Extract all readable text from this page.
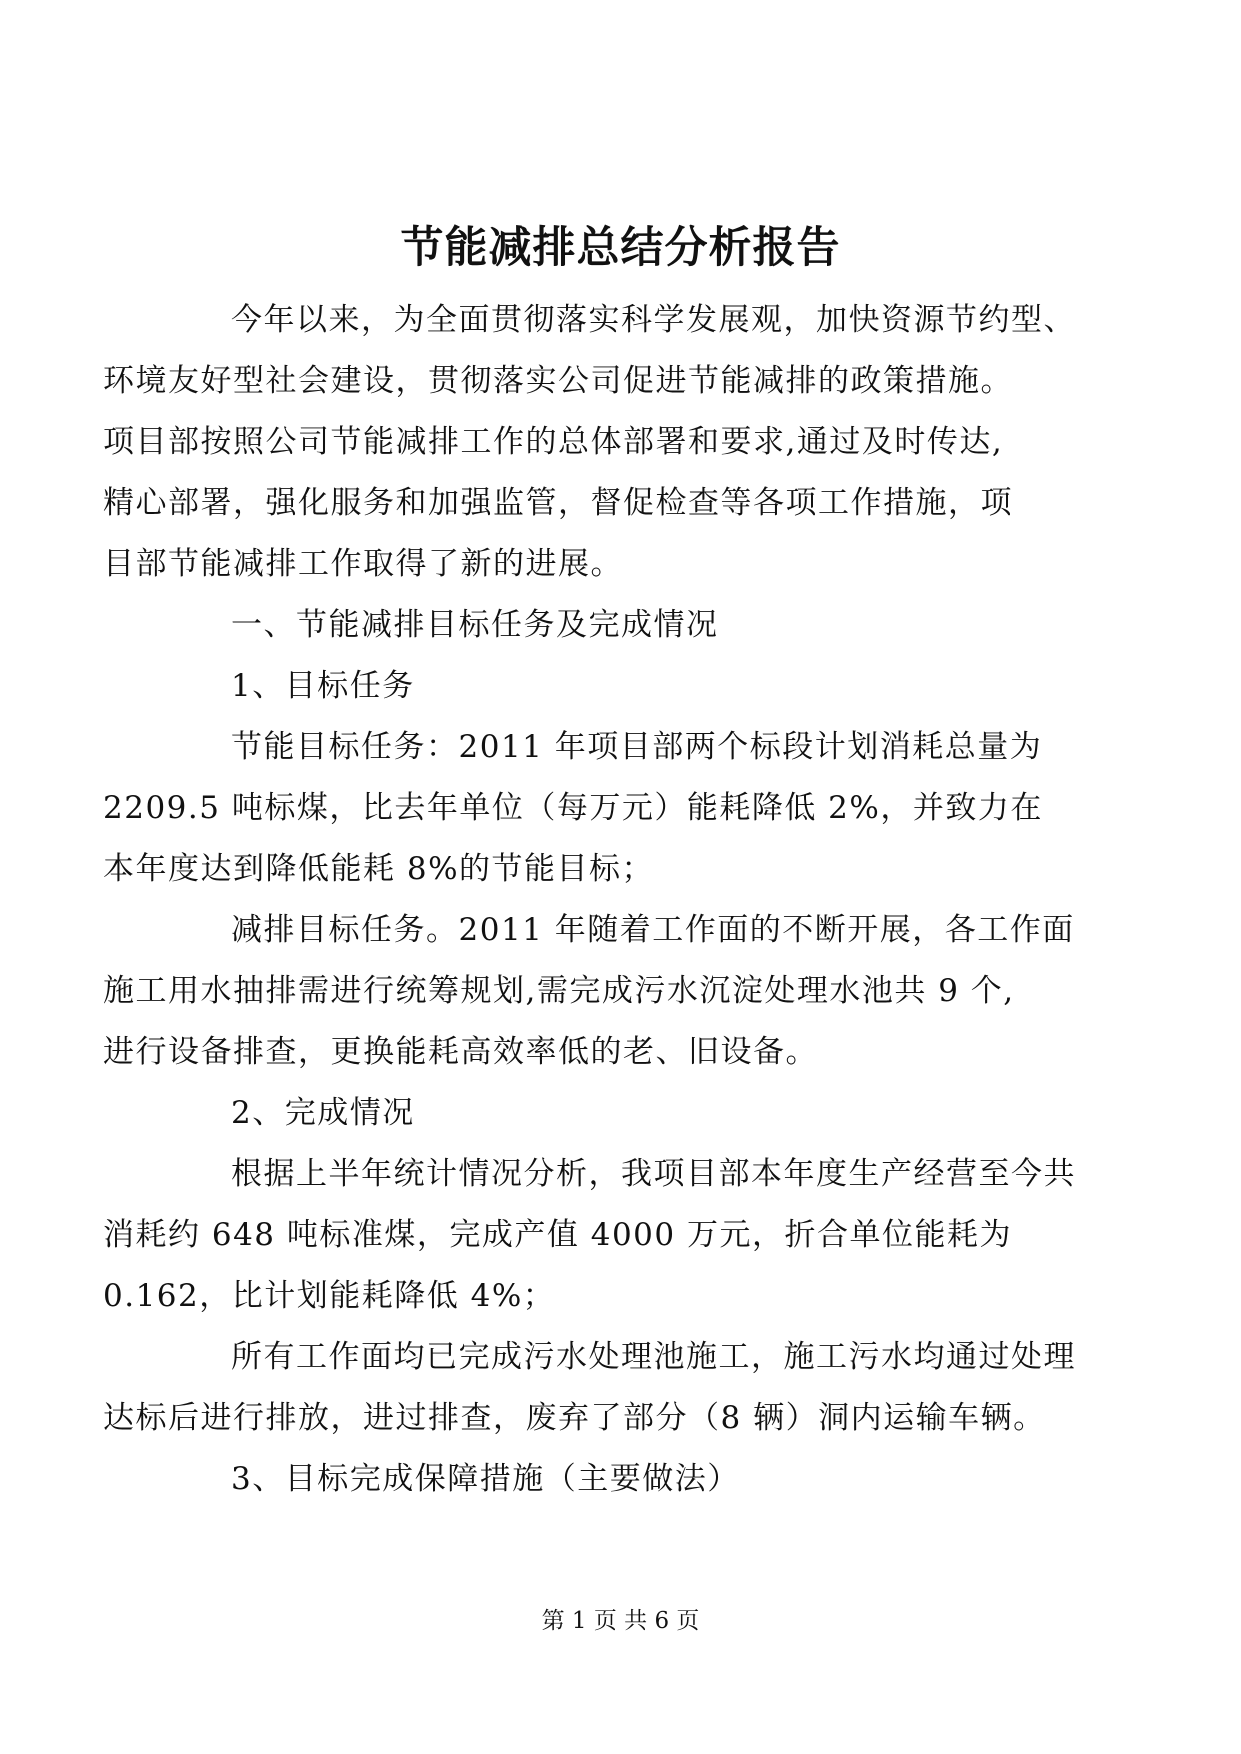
节能减排总结分析报告

今年以来，为全面贯彻落实科学发展观，加快资源节约型、
环境友好型社会建设，贯彻落实公司促进节能减排的政策措施。
项目部按照公司节能减排工作的总体部署和要求,通过及时传达,
精心部署，强化服务和加强监管，督促检查等各项工作措施，项
目部节能减排工作取得了新的进展。

一、节能减排目标任务及完成情况

1、目标任务

节能目标任务：2011 年项目部两个标段计划消耗总量为
2209.5 吨标煤，比去年单位（每万元）能耗降低 2%，并致力在
本年度达到降低能耗 8%的节能目标；

减排目标任务。2011 年随着工作面的不断开展，各工作面
施工用水抽排需进行统筹规划,需完成污水沉淀处理水池共 9 个,
进行设备排查，更换能耗高效率低的老、旧设备。

2、完成情况

根据上半年统计情况分析，我项目部本年度生产经营至今共
消耗约 648 吨标准煤，完成产值 4000 万元，折合单位能耗为
0.162，比计划能耗降低 4%；

所有工作面均已完成污水处理池施工，施工污水均通过处理
达标后进行排放，进过排查，废弃了部分（8 辆）洞内运输车辆。

3、目标完成保障措施（主要做法）

第 1 页 共 6 页
